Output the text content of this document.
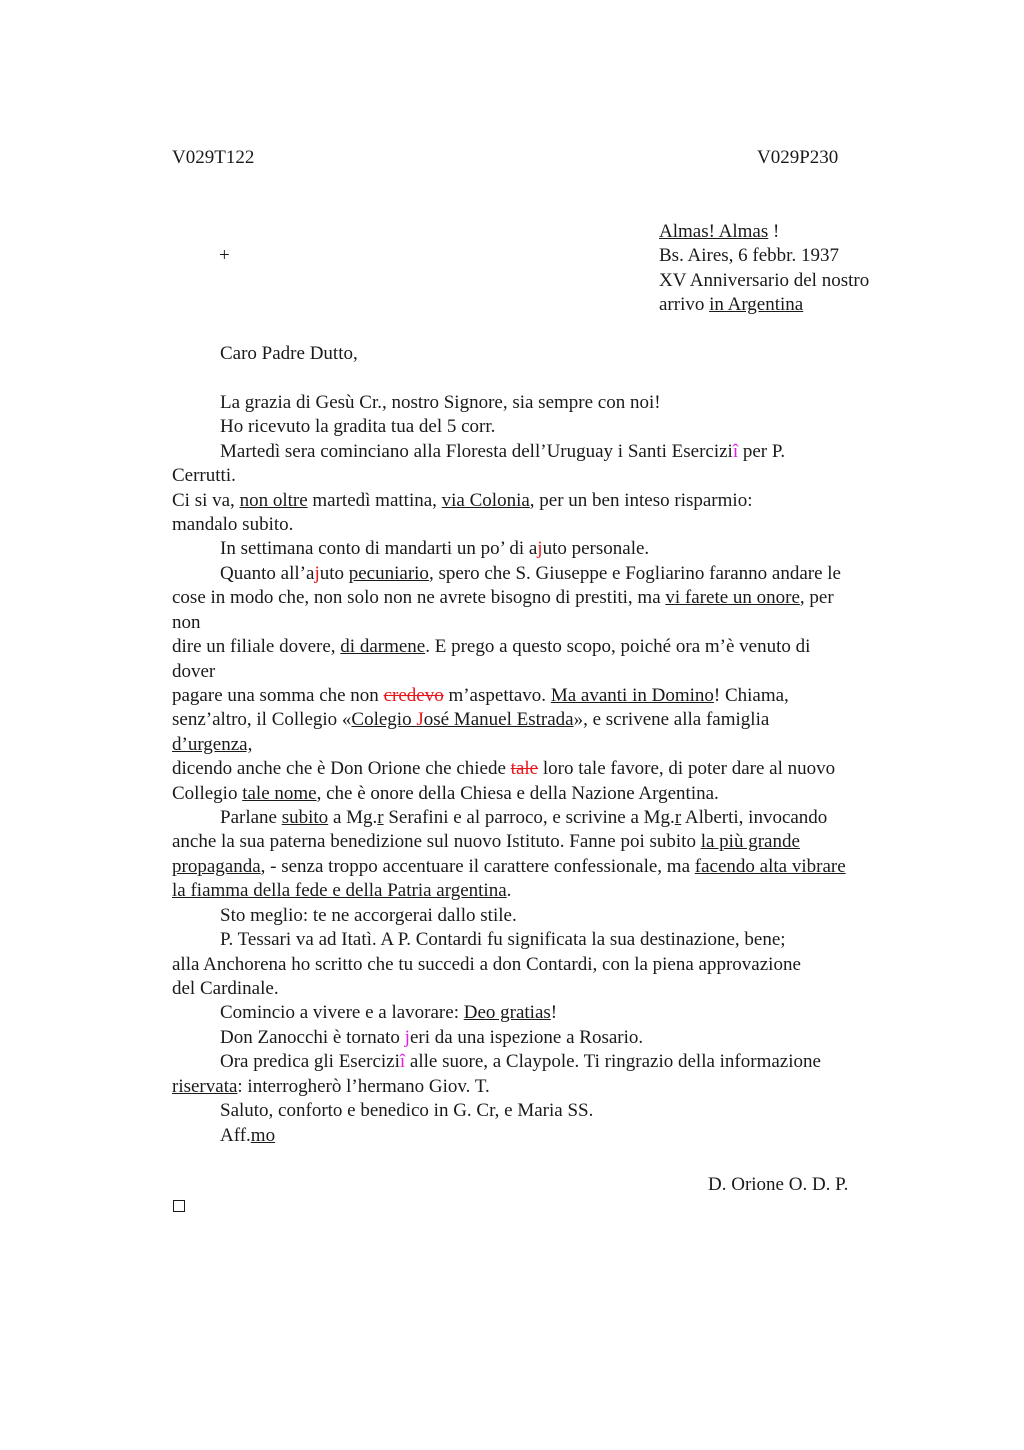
V029T122	V029P230
+
Almas! Almas !
Bs. Aires, 6 febbr. 1937
XV Anniversario del nostro
arrivo in Argentina
Caro Padre Dutto,
La grazia di Gesù Cr., nostro Signore, sia sempre con noi!
Ho ricevuto la gradita tua del 5 corr.
Martedì sera cominciano alla Floresta dell’Uruguay i Santi Eserciziî per P.
Cerrutti.
Ci si va, non oltre martedì mattina, via Colonia, per un ben inteso risparmio:
mandalo subito.
In settimana conto di mandarti un po’ di ajuto personale.
Quanto all’ajuto pecuniario, spero che S. Giuseppe e Fogliarino faranno andare le
cose in modo che, non solo non ne avrete bisogno di prestiti, ma vi farete un onore, per
non
dire un filiale dovere, di darmene. E prego a questo scopo, poiché ora m’è venuto di
dover
pagare una somma che non credevo m’aspettavo. Ma avanti in Domino! Chiama,
senz’altro, il Collegio «Colegio José Manuel Estrada», e scrivene alla famiglia
d’urgenza,
dicendo anche che è Don Orione che chiede tale loro tale favore, di poter dare al nuovo
Collegio tale nome, che è onore della Chiesa e della Nazione Argentina.
Parlane subito a Mg.r Serafini e al parroco, e scrivine a Mg.r Alberti, invocando
anche la sua paterna benedizione sul nuovo Istituto. Fanne poi subito la più grande
propaganda, - senza troppo accentuare il carattere confessionale, ma facendo alta vibrare
la fiamma della fede e della Patria argentina.
Sto meglio: te ne accorgerai dallo stile.
P. Tessari va ad Itatì. A P. Contardi fu significata la sua destinazione, bene;
alla Anchorena ho scritto che tu succedi a don Contardi, con la piena approvazione
del Cardinale.
Comincio a vivere e a lavorare: Deo gratias!
Don Zanocchi è tornato jeri da una ispezione a Rosario.
Ora predica gli Eserciziî alle suore, a Claypole. Ti ringrazio della informazione
riservata: interrogherò l’hermano Giov. T.
Saluto, conforto e benedico in G. Cr, e Maria SS.
Aff.mo
D. Orione O. D. P.
